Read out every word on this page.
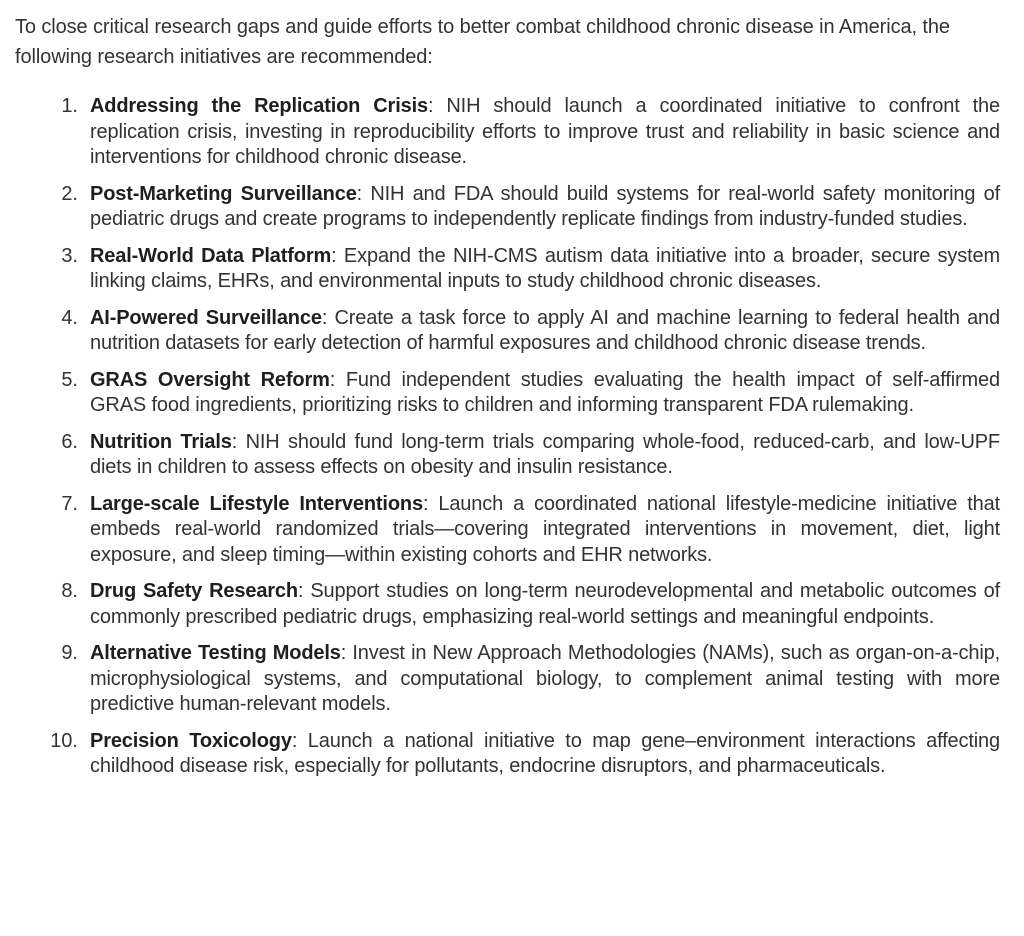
To close critical research gaps and guide efforts to better combat childhood chronic disease in America, the following research initiatives are recommended:

1. Addressing the Replication Crisis: NIH should launch a coordinated initiative to confront the replication crisis, investing in reproducibility efforts to improve trust and reliability in basic science and interventions for childhood chronic disease.
2. Post-Marketing Surveillance: NIH and FDA should build systems for real-world safety monitoring of pediatric drugs and create programs to independently replicate findings from industry-funded studies.
3. Real-World Data Platform: Expand the NIH-CMS autism data initiative into a broader, secure system linking claims, EHRs, and environmental inputs to study childhood chronic diseases.
4. AI-Powered Surveillance: Create a task force to apply AI and machine learning to federal health and nutrition datasets for early detection of harmful exposures and childhood chronic disease trends.
5. GRAS Oversight Reform: Fund independent studies evaluating the health impact of self-affirmed GRAS food ingredients, prioritizing risks to children and informing transparent FDA rulemaking.
6. Nutrition Trials: NIH should fund long-term trials comparing whole-food, reduced-carb, and low-UPF diets in children to assess effects on obesity and insulin resistance.
7. Large-scale Lifestyle Interventions: Launch a coordinated national lifestyle-medicine initiative that embeds real-world randomized trials—covering integrated interventions in movement, diet, light exposure, and sleep timing—within existing cohorts and EHR networks.
8. Drug Safety Research: Support studies on long-term neurodevelopmental and metabolic outcomes of commonly prescribed pediatric drugs, emphasizing real-world settings and meaningful endpoints.
9. Alternative Testing Models: Invest in New Approach Methodologies (NAMs), such as organ-on-a-chip, microphysiological systems, and computational biology, to complement animal testing with more predictive human-relevant models.
10. Precision Toxicology: Launch a national initiative to map gene–environment interactions affecting childhood disease risk, especially for pollutants, endocrine disruptors, and pharmaceuticals.
